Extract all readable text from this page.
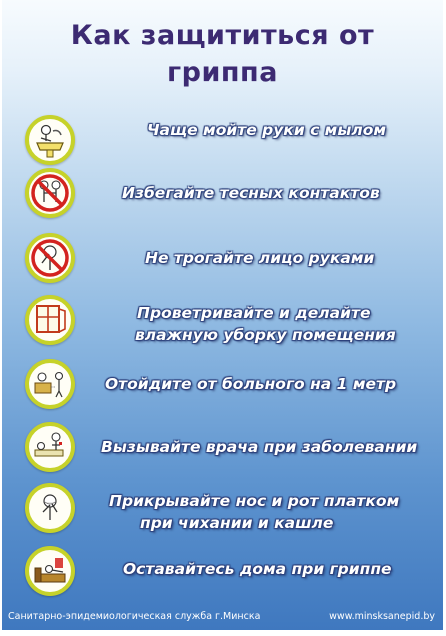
Как защититься от
гриппа
Чаще мойте руки с мылом
Избегайте тесных контактов
Не трогайте лицо руками
Проветривайте и делайте
влажную уборку помещения
Отойдите от больного на 1 метр
Вызывайте врача при заболевании
Прикрывайте нос и рот платком
при чихании и кашле
Оставайтесь дома при гриппе
Санитарно-эпидемиологическая служба г.Минска	www.minsksanepid.by
